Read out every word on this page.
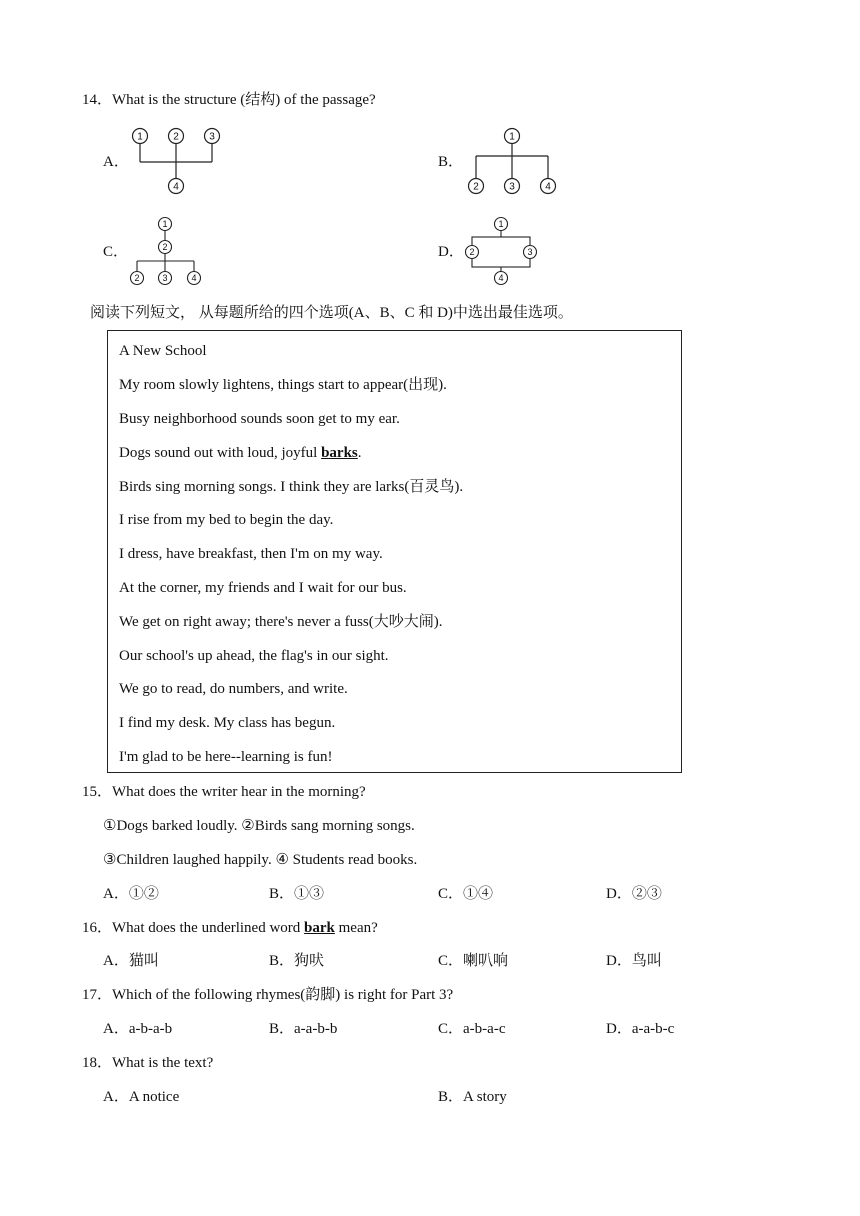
14．What is the structure (结构) of the passage?
A．
1	2	3
4
B．
1
2	3	4
C．
1
2
2	3	4
D．
1
2	3
4
阅读下列短文， 从每题所给的四个选项(A、B、C 和 D)中选出最佳选项。
A New School
My room slowly lightens, things start to appear(出现).
Busy neighborhood sounds soon get to my ear.
Dogs sound out with loud, joyful barks.
Birds sing morning songs. I think they are larks(百灵鸟).
I rise from my bed to begin the day.
I dress, have breakfast, then I'm on my way.
At the corner, my friends and I wait for our bus.
We get on right away; there's never a fuss(大吵大闹).
Our school's up ahead, the flag's in our sight.
We go to read, do numbers, and write.
I find my desk. My class has begun.
I'm glad to be here--learning is fun!
15．What does the writer hear in the morning?
①Dogs barked loudly. ②Birds sang morning songs.
③Children laughed happily. ④ Students read books.
A．①②	B．①③	C．①④	D．②③
16．What does the underlined word bark mean?
A．猫叫	B．狗吠	C．喇叭响	D．鸟叫
17．Which of the following rhymes(韵脚) is right for Part 3?
A．a-b-a-b	B．a-a-b-b	C．a-b-a-c	D．a-a-b-c
18．What is the text?
A．A notice	B．A story
